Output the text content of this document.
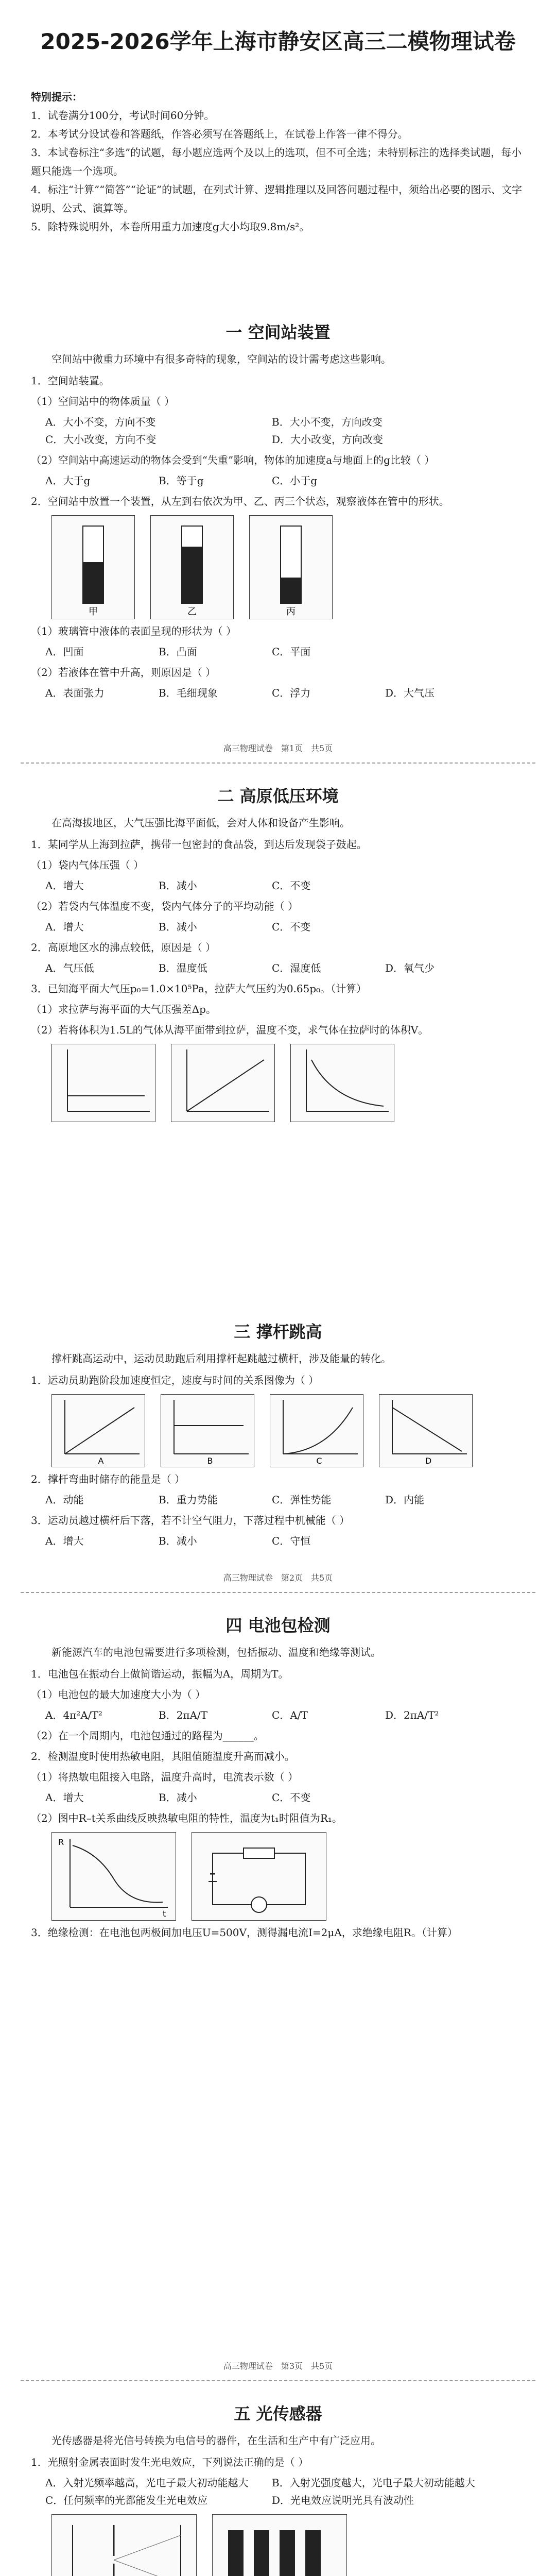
2025-2026学年上海市静安区高三二模物理试卷
特别提示：
1．试卷满分100分，考试时间60分钟。
2．本考试分设试卷和答题纸，作答必须写在答题纸上，在试卷上作答一律不得分。
3．本试卷标注“多选”的试题，每小题应选两个及以上的选项，但不可全选；未特别标注的选择类试题，每小题只能选一个选项。
4．标注“计算”“简答”“论证”的试题，在列式计算、逻辑推理以及回答问题过程中，须给出必要的图示、文字说明、公式、演算等。
5．除特殊说明外，本卷所用重力加速度g大小均取9.8m/s²。
一 空间站装置
空间站中微重力环境中有很多奇特的现象，空间站的设计需考虑这些影响。
1．空间站装置。
（1）空间站中的物体质量（ ）
A．大小不变，方向不变	B．大小不变，方向改变
C．大小改变，方向不变	D．大小改变，方向改变
（2）空间站中高速运动的物体会受到“失重”影响，物体的加速度a与地面上的g比较（ ）
A．大于g	B．等于g	C．小于g
2．空间站中放置一个装置，从左到右依次为甲、乙、丙三个状态，观察液体在管中的形状。
甲	乙	丙
（1）玻璃管中液体的表面呈现的形状为（ ）
A．凹面	B．凸面	C．平面
（2）若液体在管中升高，则原因是（ ）
A．表面张力	B．毛细现象	C．浮力	D．大气压
高三物理试卷　第1页　共5页
二 高原低压环境
在高海拔地区，大气压强比海平面低，会对人体和设备产生影响。
1．某同学从上海到拉萨，携带一包密封的食品袋，到达后发现袋子鼓起。
（1）袋内气体压强（ ）
A．增大	B．减小	C．不变
（2）若袋内气体温度不变，袋内气体分子的平均动能（ ）
A．增大	B．减小	C．不变
2．高原地区水的沸点较低，原因是（ ）
A．气压低	B．温度低	C．湿度低	D．氧气少
3．已知海平面大气压p₀=1.0×10⁵Pa，拉萨大气压约为0.65p₀。（计算）
（1）求拉萨与海平面的大气压强差Δp。
（2）若将体积为1.5L的气体从海平面带到拉萨，温度不变，求气体在拉萨时的体积V。
三 撑杆跳高
撑杆跳高运动中，运动员助跑后利用撑杆起跳越过横杆，涉及能量的转化。
1．运动员助跑阶段加速度恒定，速度与时间的关系图像为（ ）
A	B	C	D
2．撑杆弯曲时储存的能量是（ ）
A．动能	B．重力势能	C．弹性势能	D．内能
3．运动员越过横杆后下落，若不计空气阻力，下落过程中机械能（ ）
A．增大	B．减小	C．守恒
高三物理试卷　第2页　共5页
四 电池包检测
新能源汽车的电池包需要进行多项检测，包括振动、温度和绝缘等测试。
1．电池包在振动台上做简谐运动，振幅为A，周期为T。
（1）电池包的最大加速度大小为（ ）
A．4π²A/T²	B．2πA/T	C．A/T	D．2πA/T²
（2）在一个周期内，电池包通过的路程为______。
2．检测温度时使用热敏电阻，其阻值随温度升高而减小。
（1）将热敏电阻接入电路，温度升高时，电流表示数（ ）
A．增大	B．减小	C．不变
（2）图中R–t关系曲线反映热敏电阻的特性，温度为t₁时阻值为R₁。
t
R
3．绝缘检测：在电池包两极间加电压U=500V，测得漏电流I=2μA，求绝缘电阻R。（计算）
高三物理试卷　第3页　共5页
五 光传感器
光传感器是将光信号转换为电信号的器件，在生活和生产中有广泛应用。
1．光照射金属表面时发生光电效应，下列说法正确的是（ ）
A．入射光频率越高，光电子最大初动能越大	B．入射光强度越大，光电子最大初动能越大
C．任何频率的光都能发生光电效应	D．光电效应说明光具有波动性
